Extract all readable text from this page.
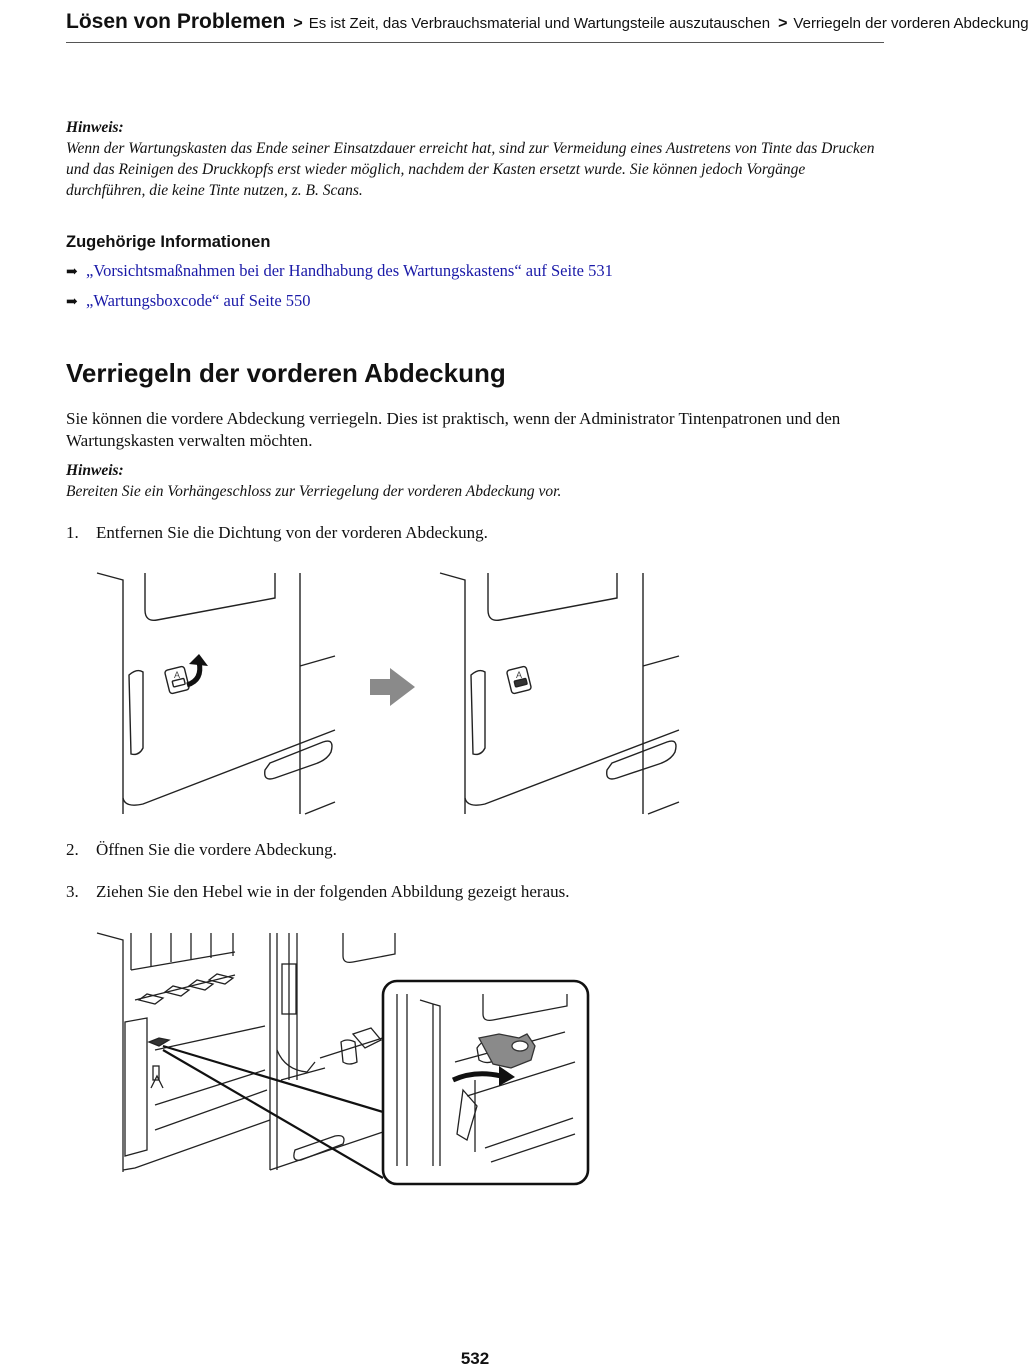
Lösen von Problemen > Es ist Zeit, das Verbrauchsmaterial und Wartungsteile auszutauschen > Verriegeln der vorderen Abdeckung
Hinweis:
Wenn der Wartungskasten das Ende seiner Einsatzdauer erreicht hat, sind zur Vermeidung eines Austretens von Tinte das Drucken und das Reinigen des Druckkopfs erst wieder möglich, nachdem der Kasten ersetzt wurde. Sie können jedoch Vorgänge durchführen, die keine Tinte nutzen, z. B. Scans.
Zugehörige Informationen
➡ „Vorsichtsmaßnahmen bei der Handhabung des Wartungskastens“ auf Seite 531
➡ „Wartungsboxcode“ auf Seite 550
Verriegeln der vorderen Abdeckung
Sie können die vordere Abdeckung verriegeln. Dies ist praktisch, wenn der Administrator Tintenpatronen und den Wartungskasten verwalten möchten.
Hinweis:
Bereiten Sie ein Vorhängeschloss zur Verriegelung der vorderen Abdeckung vor.
1. Entfernen Sie die Dichtung von der vorderen Abdeckung.
A	A
2. Öffnen Sie die vordere Abdeckung.
3. Ziehen Sie den Hebel wie in der folgenden Abbildung gezeigt heraus.
532
